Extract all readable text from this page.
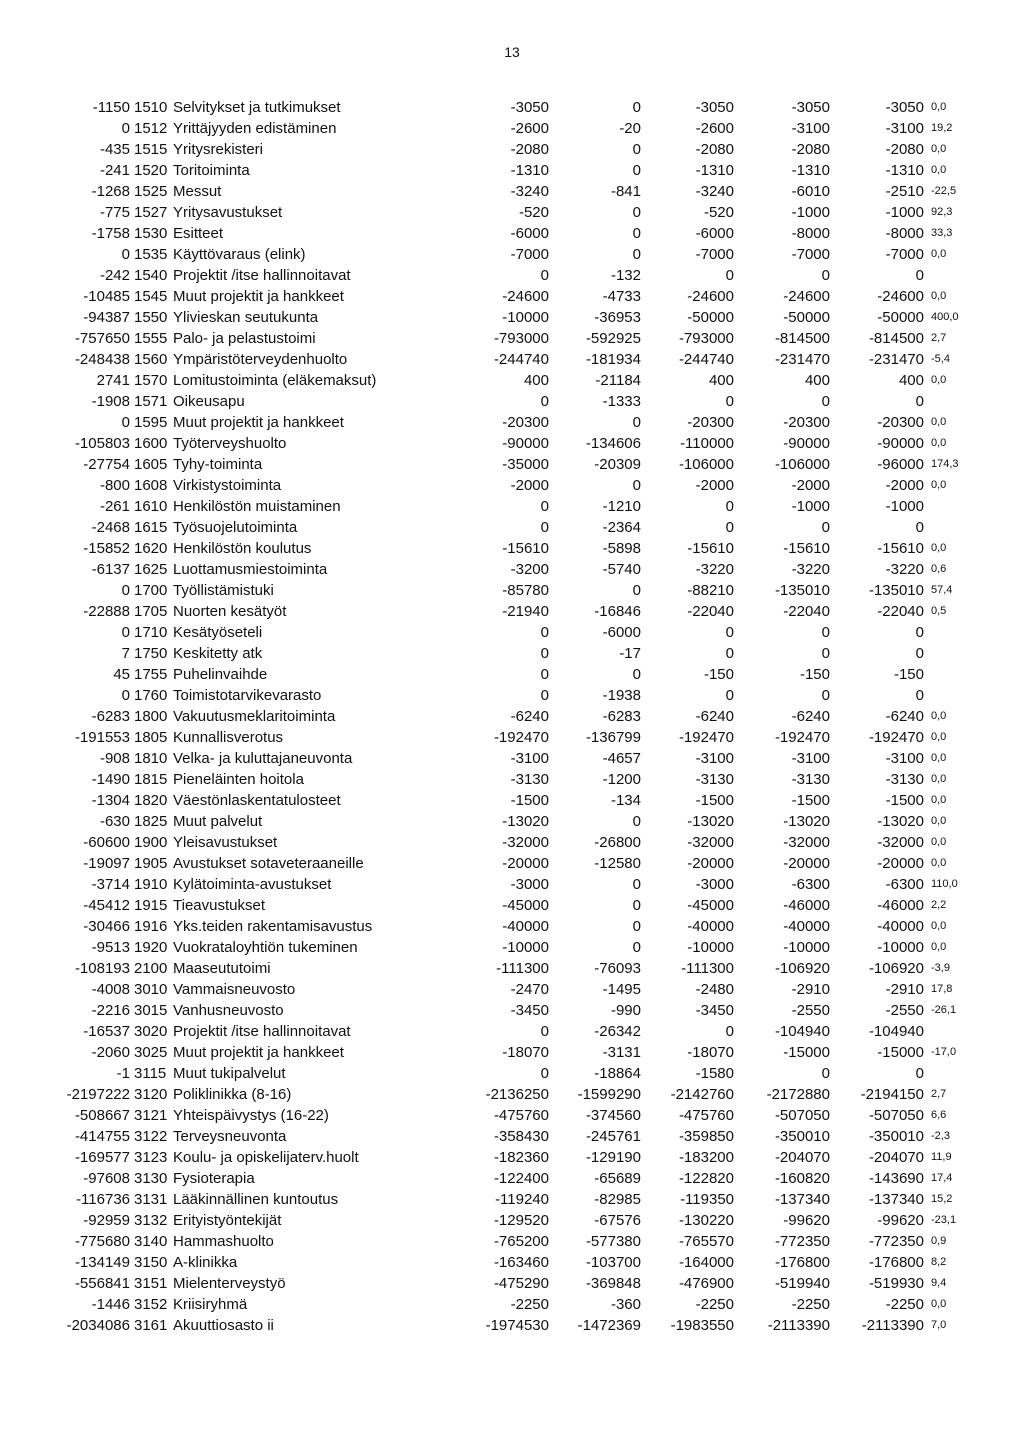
13
-1150 1510 Selvitykset ja tutkimukset	-3050	0	-3050	-3050	-3050 0,0
0 1512 Yrittäjyyden edistäminen	-2600	-20	-2600	-3100	-3100 19,2
-435 1515 Yritysrekisteri	-2080	0	-2080	-2080	-2080 0,0
-241 1520 Toritoiminta	-1310	0	-1310	-1310	-1310 0,0
-1268 1525 Messut	-3240	-841	-3240	-6010	-2510 -22,5
-775 1527 Yritysavustukset	-520	0	-520	-1000	-1000 92,3
-1758 1530 Esitteet	-6000	0	-6000	-8000	-8000 33,3
0 1535 Käyttövaraus (elink)	-7000	0	-7000	-7000	-7000 0,0
-242 1540 Projektit /itse hallinnoitavat	0	-132	0	0	0
-10485 1545 Muut projektit ja hankkeet	-24600	-4733	-24600	-24600	-24600 0,0
-94387 1550 Ylivieskan seutukunta	-10000	-36953	-50000	-50000	-50000 400,0
-757650 1555 Palo- ja pelastustoimi	-793000 -592925	-793000	-814500	-814500 2,7
-248438 1560 Ympäristöterveydenhuolto	-244740 -181934	-244740	-231470	-231470 -5,4
2741 1570 Lomitustoiminta (eläkemaksut)	400	-21184	400	400	400 0,0
-1908 1571 Oikeusapu	0	-1333	0	0	0
0 1595 Muut projektit ja hankkeet	-20300	0	-20300	-20300	-20300 0,0
-105803 1600 Työterveyshuolto	-90000 -134606	-110000	-90000	-90000 0,0
-27754 1605 Tyhy-toiminta	-35000	-20309	-106000	-106000	-96000 174,3
-800 1608 Virkistystoiminta	-2000	0	-2000	-2000	-2000 0,0
-261 1610 Henkilöstön muistaminen	0	-1210	0	-1000	-1000
-2468 1615 Työsuojelutoiminta	0	-2364	0	0	0
-15852 1620 Henkilöstön koulutus	-15610	-5898	-15610	-15610	-15610 0,0
-6137 1625 Luottamusmiestoiminta	-3200	-5740	-3220	-3220	-3220 0,6
0 1700 Työllistämistuki	-85780	0	-88210	-135010	-135010 57,4
-22888 1705 Nuorten kesätyöt	-21940	-16846	-22040	-22040	-22040 0,5
0 1710 Kesätyöseteli	0	-6000	0	0	0
7 1750 Keskitetty atk	0	-17	0	0	0
45 1755 Puhelinvaihde	0	0	-150	-150	-150
0 1760 Toimistotarvikevarasto	0	-1938	0	0	0
-6283 1800 Vakuutusmeklaritoiminta	-6240	-6283	-6240	-6240	-6240 0,0
-191553 1805 Kunnallisverotus	-192470 -136799	-192470	-192470	-192470 0,0
-908 1810 Velka- ja kuluttajaneuvonta	-3100	-4657	-3100	-3100	-3100 0,0
-1490 1815 Pieneläinten hoitola	-3130	-1200	-3130	-3130	-3130 0,0
-1304 1820 Väestönlaskentatulosteet	-1500	-134	-1500	-1500	-1500 0,0
-630 1825 Muut palvelut	-13020	0	-13020	-13020	-13020 0,0
-60600 1900 Yleisavustukset	-32000	-26800	-32000	-32000	-32000 0,0
-19097 1905 Avustukset sotaveteraaneille	-20000	-12580	-20000	-20000	-20000 0,0
-3714 1910 Kylätoiminta-avustukset	-3000	0	-3000	-6300	-6300 110,0
-45412 1915 Tieavustukset	-45000	0	-45000	-46000	-46000 2,2
-30466 1916 Yks.teiden rakentamisavustus	-40000	0	-40000	-40000	-40000 0,0
-9513 1920 Vuokrataloyhtiön tukeminen	-10000	0	-10000	-10000	-10000 0,0
-108193 2100 Maaseututoimi	-111300	-76093	-111300	-106920	-106920 -3,9
-4008 3010 Vammaisneuvosto	-2470	-1495	-2480	-2910	-2910 17,8
-2216 3015 Vanhusneuvosto	-3450	-990	-3450	-2550	-2550 -26,1
-16537 3020 Projektit /itse hallinnoitavat	0	-26342	0	-104940	-104940
-2060 3025 Muut projektit ja hankkeet	-18070	-3131	-18070	-15000	-15000 -17,0
-1 3115 Muut tukipalvelut	0	-18864	-1580	0	0
-2197222 3120 Poliklinikka (8-16)	-2136250 -1599290 -2142760 -2172880 -2194150 2,7
-508667 3121 Yhteispäivystys (16-22)	-475760 -374560	-475760	-507050	-507050 6,6
-414755 3122 Terveysneuvonta	-358430 -245761	-359850	-350010	-350010 -2,3
-169577 3123 Koulu- ja opiskelijaterv.huolt	-182360 -129190	-183200	-204070	-204070 11,9
-97608 3130 Fysioterapia	-122400	-65689	-122820	-160820	-143690 17,4
-116736 3131 Lääkinnällinen kuntoutus	-119240	-82985	-119350	-137340	-137340 15,2
-92959 3132 Erityistyöntekijät	-129520	-67576	-130220	-99620	-99620 -23,1
-775680 3140 Hammashuolto	-765200 -577380	-765570	-772350	-772350 0,9
-134149 3150 A-klinikka	-163460 -103700	-164000	-176800	-176800 8,2
-556841 3151 Mielenterveystyö	-475290 -369848	-476900	-519940	-519930 9,4
-1446 3152 Kriisiryhmä	-2250	-360	-2250	-2250	-2250 0,0
-2034086 3161 Akuuttiosasto ii	-1974530 -1472369 -1983550 -2113390 -2113390 7,0
